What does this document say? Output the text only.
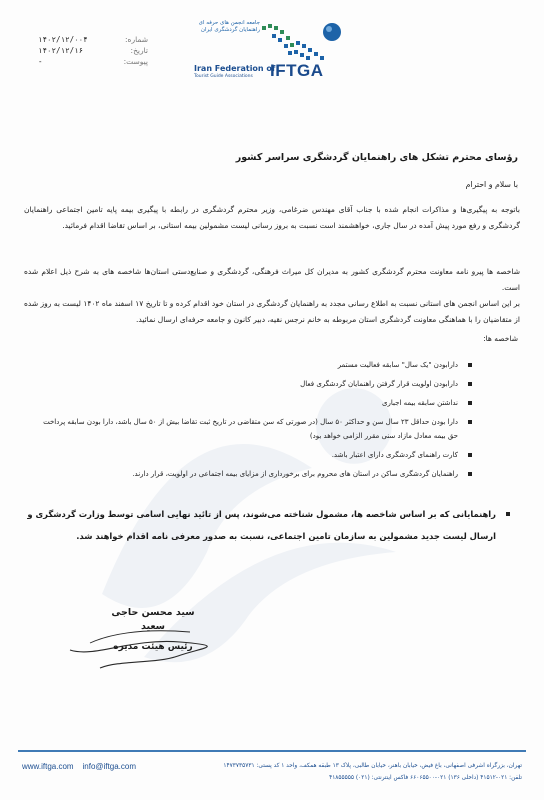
شماره:
۱۴۰۲/۱۲/۰۰۴
تاریخ:
۱۴۰۲/۱۲/۱۶
پیوست:
-
جامعه انجمن های حرفه ای راهنمایان گردشگری ایران
Iran Federation of
Tourist Guide Associations IFTGA
رؤسای محترم تشکل های راهنمایان گردشگری سراسر کشور
با سلام و احترام
باتوجه به پیگیری‌ها و مذاکرات انجام شده با جناب آقای مهندس ضرغامی، وزیر محترم گردشگری در رابطه با پیگیری بیمه پایه تامین اجتماعی راهنمایان گردشگری و رفع مورد پیش آمده در سال جاری، خواهشمند است نسبت به بروز رسانی لیست مشمولین بیمه استانی، بر اساس تقاضا اقدام فرمائید.
شاخصه ها پیرو نامه معاونت محترم گردشگری کشور به مدیران کل میراث فرهنگی، گردشگری و صنایع‌دستی استان‌ها شاخصه های به شرح ذیل اعلام شده است.
بر این اساس انجمن های استانی نسبت به اطلاع رسانی مجدد به راهنمایان گردشگری در استان خود اقدام کرده و تا تاریخ ۱۷ اسفند ماه ۱۴۰۲ لیست به روز شده از متقاضیان را با هماهنگی معاونت گردشگری استان مربوطه به خانم نرجس نقیه، دبیر کانون و جامعه حرفه‌ای ارسال نمائید.
شاخصه ها:
دارابودن "یک سال" سابقه فعالیت مستمر
دارابودن اولویت قرار گرفتن راهنمایان گردشگری فعال
نداشتن سابقه بیمه اجباری
دارا بودن حداقل ۲۳ سال سن و حداکثر ۵۰ سال (در صورتی که سن متقاضی در تاریخ ثبت تقاضا بیش از ۵۰ سال باشد، دارا بودن سابقه پرداخت حق بیمه معادل مازاد سنی مقرر الزامی خواهد بود)
کارت راهنمای گردشگری دارای اعتبار باشد.
راهنمایان گردشگری ساکن در استان های محروم برای برخورداری از مزایای بیمه اجتماعی در اولویت، قرار دارند.
راهنمایانی که بر اساس شاخصه ها، مشمول شناخته می‌شوند، پس از تائید نهایی اسامی توسط وزارت گردشگری و ارسال لیست جدید مشمولین به سازمان تامین اجتماعی، نسبت به صدور معرفی نامه اقدام خواهند شد.
سید محسن حاجی سعید
رئیس هیئت مدیره
www.iftga.com info@iftga.com	تهران، بزرگراه اشرفی اصفهانی، باغ فیض، خیابان باهنر، خیابان طالبی، پلاک ۱۳ طبقه همکف، واحد ۱ کد پستی: ۱۴۷۳۷۳۵۷۳۱
تلفن: ۰۲۱-۴۱۵۱۲ (داخلی ۱۳۶) ۰۲۱-۶۶۰۶۵۵۰۰ فاکس اینترنتی: (۰۲۱) ۴۱۸۵۵۵۵۵
